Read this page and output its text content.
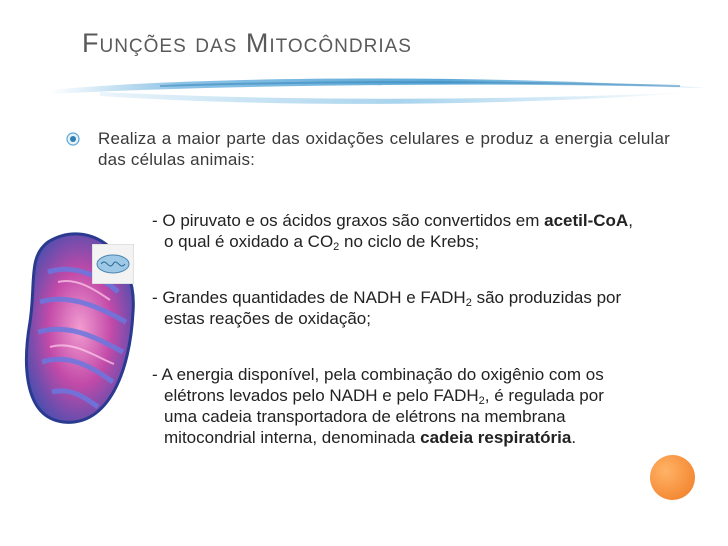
Funções das Mitocôndrias
Realiza a maior parte das oxidações celulares e produz a energia celular das células animais:
- O piruvato e os ácidos graxos são convertidos em acetil-CoA,
o qual é oxidado a $CO_2$ no ciclo de Krebs;
- Grandes quantidades de NADH e $FADH_2$ são produzidas por
estas reações de oxidação;
- A energia disponível, pela combinação do oxigênio com os
elétrons levados pelo NADH e pelo $FADH_2$, é regulada por
uma cadeia transportadora de elétrons na membrana
mitocondrial interna, denominada cadeia respiratória.
